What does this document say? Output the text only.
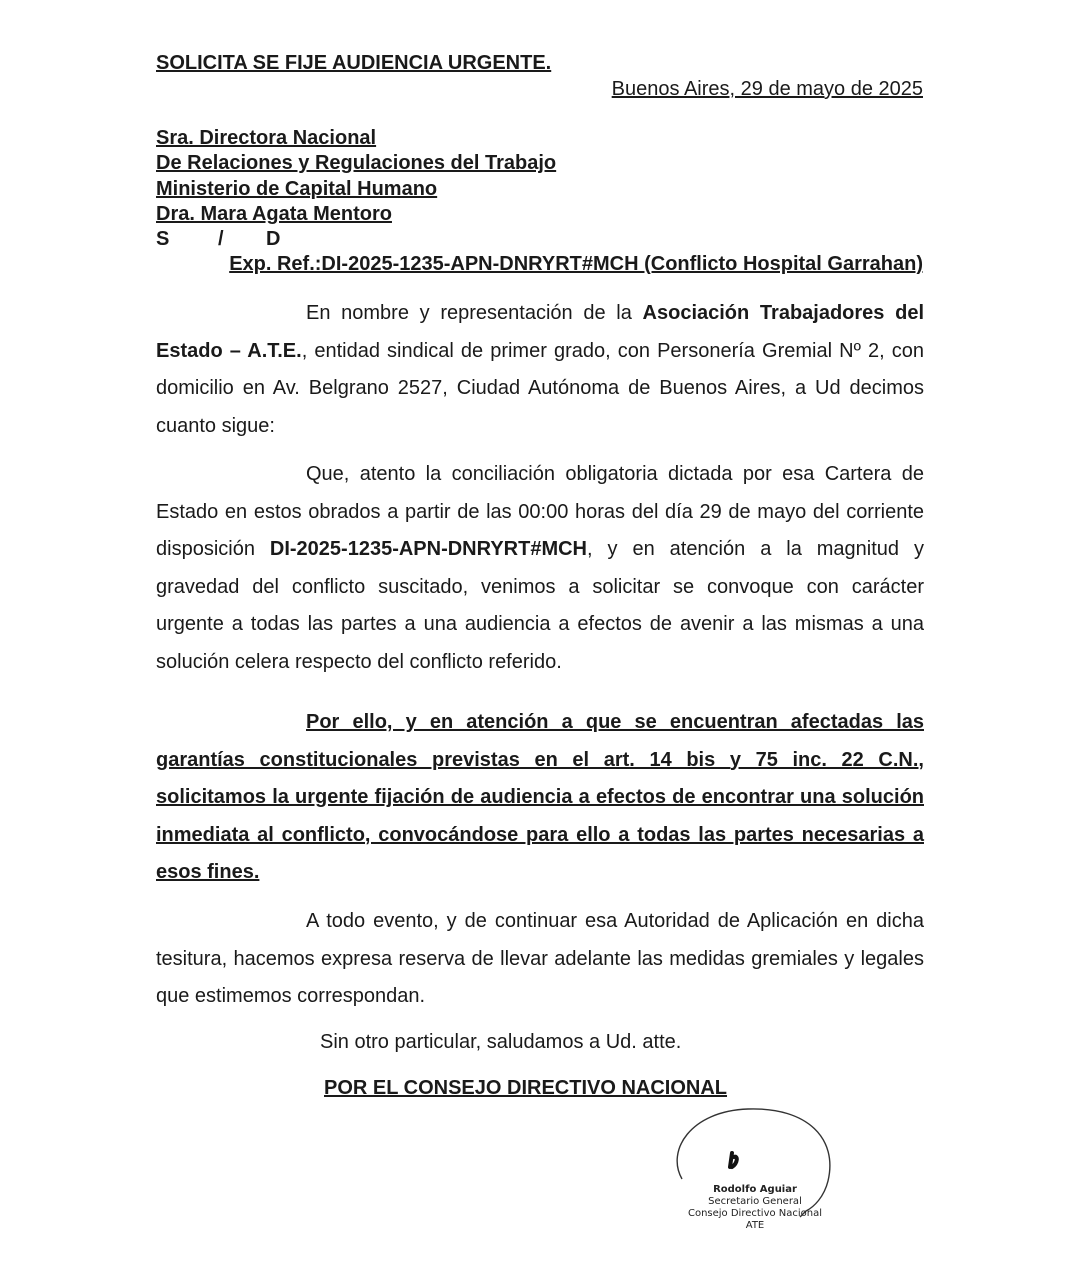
SOLICITA SE FIJE AUDIENCIA URGENTE.
Buenos Aires, 29 de mayo de 2025
Sra. Directora Nacional
De Relaciones y Regulaciones del Trabajo
Ministerio de Capital Humano
Dra. Mara Agata Mentoro
S / D
Exp. Ref.:DI-2025-1235-APN-DNRYRT#MCH (Conflicto Hospital Garrahan)

En nombre y representación de la Asociación Trabajadores del Estado – A.T.E., entidad sindical de primer grado, con Personería Gremial Nº 2, con domicilio en Av. Belgrano 2527, Ciudad Autónoma de Buenos Aires, a Ud decimos cuanto sigue:

Que, atento la conciliación obligatoria dictada por esa Cartera de Estado en estos obrados a partir de las 00:00 horas del día 29 de mayo del corriente disposición DI-2025-1235-APN-DNRYRT#MCH, y en atención a la magnitud y gravedad del conflicto suscitado, venimos a solicitar se convoque con carácter urgente a todas las partes a una audiencia a efectos de avenir a las mismas a una solución celera respecto del conflicto referido.

Por ello, y en atención a que se encuentran afectadas las garantías constitucionales previstas en el art. 14 bis y 75 inc. 22 C.N., solicitamos la urgente fijación de audiencia a efectos de encontrar una solución inmediata al conflicto, convocándose para ello a todas las partes necesarias a esos fines.

A todo evento, y de continuar esa Autoridad de Aplicación en dicha tesitura, hacemos expresa reserva de llevar adelante las medidas gremiales y legales que estimemos correspondan.

Sin otro particular, saludamos a Ud. atte.
POR EL CONSEJO DIRECTIVO NACIONAL
Rodolfo Aguiar
Secretario General
Consejo Directivo Nacional
ATE
